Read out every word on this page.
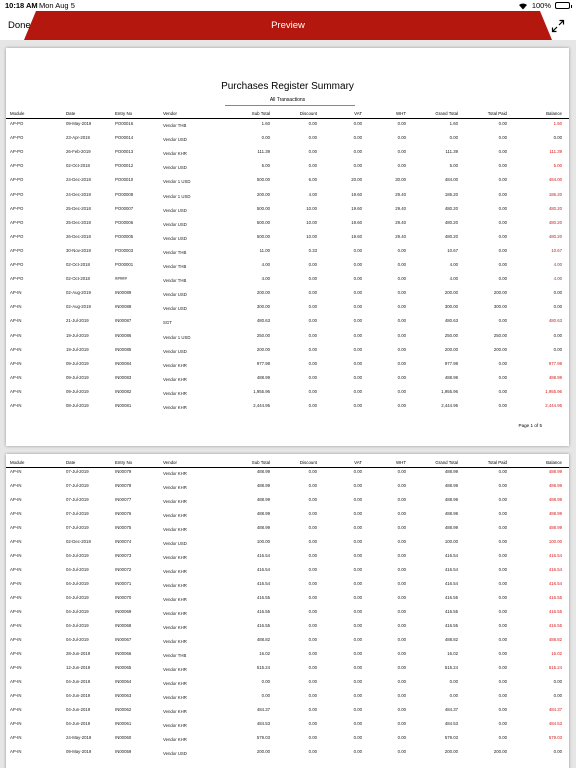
10:18 AM Mon Aug 5	100%
Done	Preview
Purchases Register Summary
All Transactions
Module	Date	Entry No	Vendor	Sub Total	Discount	VAT	WHT	Grand Total	Total Paid	Balance
AP-PO	09-May-2019	PO00016	Vendor THB	1.60	0.00	0.00	0.00	1.60	0.00	1.60
AP-PO	23-Apr-2019	PO00014	Vendor USD	0.00	0.00	0.00	0.00	0.00	0.00	0.00
AP-PO	26-Feb-2019	PO00013	Vendor KHR	111.39	0.00	0.00	0.00	111.39	0.00	111.39
AP-PO	02-Oct-2018	PO00012	Vendor USD	5.00	0.00	0.00	0.00	5.00	0.00	5.00
AP-PO	24-Dec-2018	PO00010	Vendor 1 USD	500.00	6.00	20.00	30.00	484.00	0.00	484.00
AP-PO	24-Dec-2018	PO00008	Vendor 1 USD	200.00	4.00	19.60	29.40	186.20	0.00	186.20
AP-PO	25-Dec-2018	PO00007	Vendor USD	500.00	10.00	19.60	29.40	480.20	0.00	480.20
AP-PO	25-Dec-2018	PO00006	Vendor USD	500.00	10.00	19.60	29.40	480.20	0.00	480.20
AP-PO	26-Dec-2018	PO00005	Vendor USD	500.00	10.00	19.60	29.40	480.20	0.00	480.20
AP-PO	30-Nov-2018	PO00003	Vendor THB	11.00	0.33	0.00	0.00	10.67	0.00	10.67
AP-PO	02-Oct-2018	PO00001	Vendor THB	4.00	0.00	0.00	0.00	4.00	0.00	4.00
AP-PO	02-Oct-2018	#####	Vendor THB	4.00	0.00	0.00	0.00	4.00	0.00	4.00
AP-IN	02-Aug-2019	IN00089	Vendor USD	200.00	0.00	0.00	0.00	200.00	200.00	0.00
AP-IN	02-Aug-2019	IN00088	Vendor USD	300.00	0.00	0.00	0.00	300.00	300.00	0.00
AP-IN	21-Jul-2019	IN00087	SGT	480.63	0.00	0.00	0.00	480.63	0.00	480.63
AP-IN	19-Jul-2019	IN00086	Vendor 1 USD	250.00	0.00	0.00	0.00	250.00	250.00	0.00
AP-IN	19-Jul-2019	IN00085	Vendor USD	200.00	0.00	0.00	0.00	200.00	200.00	0.00
AP-IN	09-Jul-2019	IN00084	Vendor KHR	977.98	0.00	0.00	0.00	977.98	0.00	977.98
AP-IN	09-Jul-2019	IN00083	Vendor KHR	488.99	0.00	0.00	0.00	488.99	0.00	488.99
AP-IN	09-Jul-2019	IN00082	Vendor KHR	1,955.96	0.00	0.00	0.00	1,955.96	0.00	1,955.96
AP-IN	08-Jul-2019	IN00081	Vendor KHR	2,444.95	0.00	0.00	0.00	2,444.95	0.00	2,444.95
Module	Date	Entry No	Vendor	Sub Total	Discount	VAT	WHT	Grand Total	Total Paid	Balance
AP-IN	07-Jul-2019	IN00079	Vendor KHR	488.99	0.00	0.00	0.00	488.99	0.00	488.99
AP-IN	07-Jul-2019	IN00078	Vendor KHR	488.99	0.00	0.00	0.00	488.99	0.00	488.99
AP-IN	07-Jul-2019	IN00077	Vendor KHR	488.99	0.00	0.00	0.00	488.99	0.00	488.99
AP-IN	07-Jul-2019	IN00076	Vendor KHR	488.99	0.00	0.00	0.00	488.99	0.00	488.99
AP-IN	07-Jul-2019	IN00075	Vendor KHR	488.99	0.00	0.00	0.00	488.99	0.00	488.99
AP-IN	02-Dec-2018	IN00074	Vendor USD	100.00	0.00	0.00	0.00	100.00	0.00	100.00
AP-IN	04-Jul-2019	IN00073	Vendor KHR	416.54	0.00	0.00	0.00	416.54	0.00	416.54
AP-IN	04-Jul-2019	IN00072	Vendor KHR	416.54	0.00	0.00	0.00	416.54	0.00	416.54
AP-IN	04-Jul-2019	IN00071	Vendor KHR	416.54	0.00	0.00	0.00	416.54	0.00	416.54
AP-IN	04-Jul-2019	IN00070	Vendor KHR	416.55	0.00	0.00	0.00	416.55	0.00	416.55
AP-IN	04-Jul-2019	IN00069	Vendor KHR	416.55	0.00	0.00	0.00	416.55	0.00	416.55
AP-IN	04-Jul-2019	IN00068	Vendor KHR	416.55	0.00	0.00	0.00	416.55	0.00	416.55
AP-IN	04-Jul-2019	IN00067	Vendor KHR	488.82	0.00	0.00	0.00	488.82	0.00	488.82
AP-IN	28-Jun-2019	IN00066	Vendor THB	16.02	0.00	0.00	0.00	16.02	0.00	16.02
AP-IN	12-Jun-2019	IN00065	Vendor KHR	515.24	0.00	0.00	0.00	515.24	0.00	515.24
AP-IN	04-Jun-2019	IN00064	Vendor KHR	0.00	0.00	0.00	0.00	0.00	0.00	0.00
AP-IN	04-Jun-2019	IN00063	Vendor KHR	0.00	0.00	0.00	0.00	0.00	0.00	0.00
AP-IN	04-Jun-2019	IN00062	Vendor KHR	484.37	0.00	0.00	0.00	484.37	0.00	484.37
AP-IN	04-Jun-2019	IN00061	Vendor KHR	484.53	0.00	0.00	0.00	484.53	0.00	484.53
AP-IN	24-May-2019	IN00060	Vendor KHR	579.03	0.00	0.00	0.00	579.03	0.00	579.03
AP-IN	09-May-2019	IN00059	Vendor USD	200.00	0.00	0.00	0.00	200.00	200.00	0.00
Page 1 of 5
